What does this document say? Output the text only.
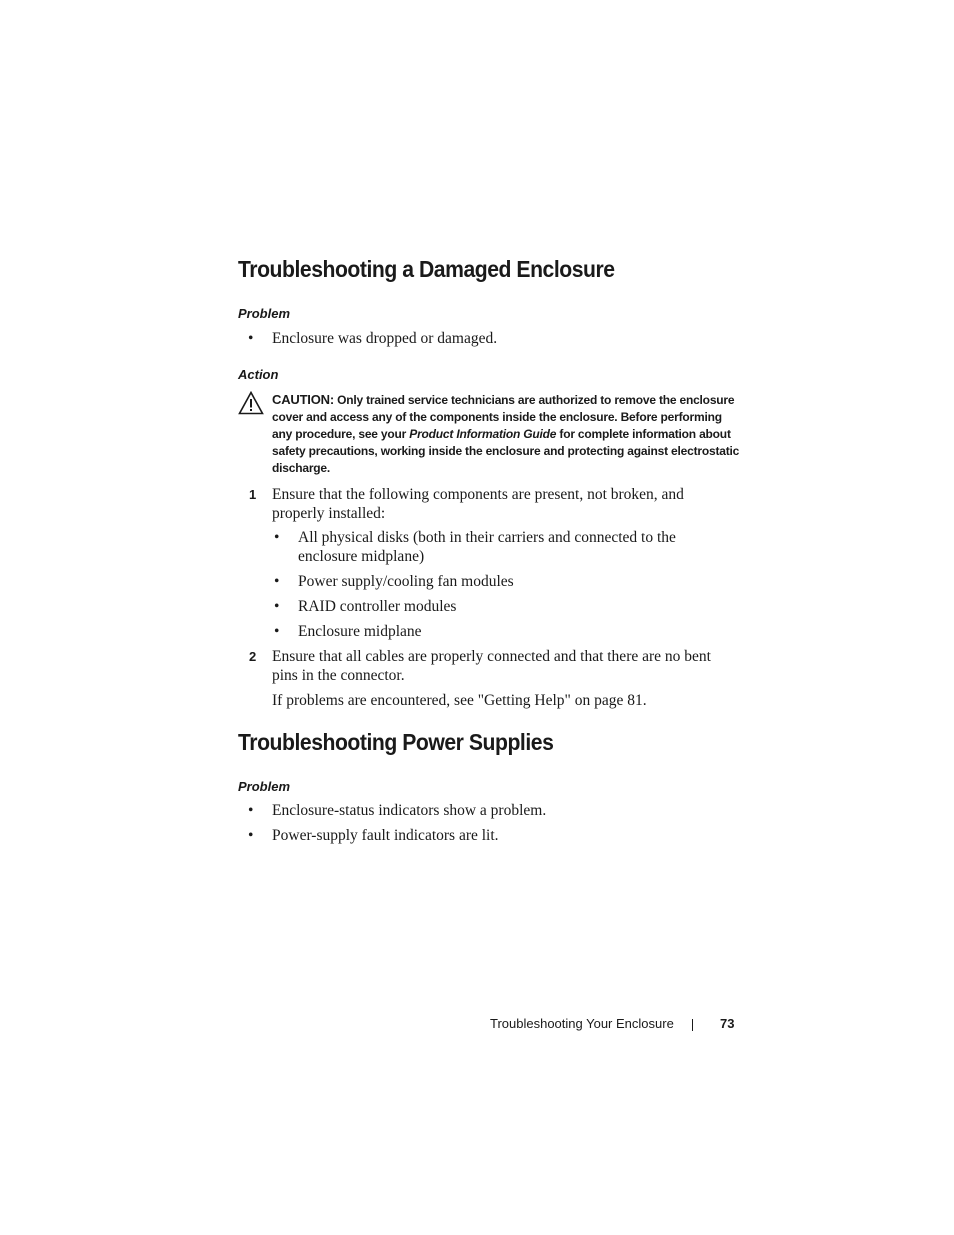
Troubleshooting a Damaged Enclosure
Problem
•	Enclosure was dropped or damaged.
Action
CAUTION: Only trained service technicians are authorized to remove the enclosure cover and access any of the components inside the enclosure. Before performing any procedure, see your Product Information Guide for complete information about safety precautions, working inside the enclosure and protecting against electrostatic discharge.
1 Ensure that the following components are present, not broken, and properly installed:
•	All physical disks (both in their carriers and connected to the enclosure midplane)
•	Power supply/cooling fan modules
•	RAID controller modules
•	Enclosure midplane
2 Ensure that all cables are properly connected and that there are no bent pins in the connector.
If problems are encountered, see "Getting Help" on page 81.
Troubleshooting Power Supplies
Problem
•	Enclosure-status indicators show a problem.
•	Power-supply fault indicators are lit.
Troubleshooting Your Enclosure	73
